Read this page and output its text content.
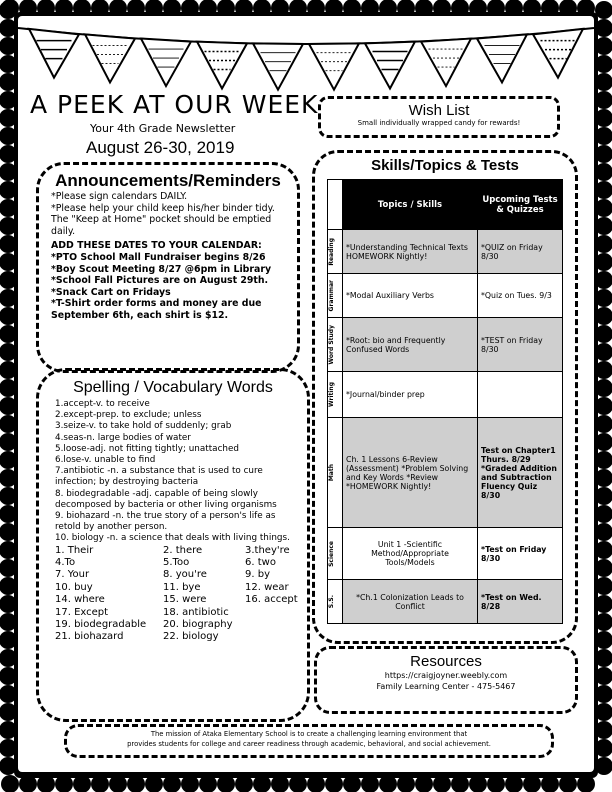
A PEEK AT OUR WEEK
Your 4th Grade Newsletter
August 26-30, 2019
Wish List

Small individually wrapped candy for rewards!

Announcements/Reminders
*Please sign calendars DAILY.
*Please help your child keep his/her binder tidy. The "Keep at Home" pocket should be emptied daily.
ADD THESE DATES TO YOUR CALENDAR:
*PTO School Mall Fundraiser begins 8/26
*Boy Scout Meeting 8/27 @6pm in Library
*School Fall Pictures are on August 29th.
*Snack Cart on Fridays
*T-Shirt order forms and money are due September 6th, each shirt is $12.
Spelling / Vocabulary Words
1.accept-v. to receive
2.except-prep. to exclude; unless
3.seize-v. to take hold of suddenly; grab
4.seas-n. large bodies of water
5.loose-adj. not fitting tightly; unattached
6.lose-v. unable to find
7.antibiotic -n. a substance that is used to cure infection; by destroying bacteria
8. biodegradable -adj. capable of being slowly decomposed by bacteria or other living organisms
9. biohazard -n. the true story of a person's life as retold by another person.
10. biology -n. a science that deals with living things.
1. Their	2. there	3.they're
4.To	5.Too	6. two
7. Your	8. you're	9. by
10. buy	11. bye	12. wear
14. where	15. were	16. accept
17. Except	18. antibiotic
19. biodegradable	20. biography
21. biohazard	22. biology
Skills/Topics & Tests
	Topics / Skills	Upcoming Tests & Quizzes

Reading	*Understanding Technical Texts HOMEWORK Nightly!	*QUIZ on Friday 8/30

Grammar	*Modal Auxiliary Verbs	*Quiz on Tues. 9/3

Word Study	*Root: bio and Frequently Confused Words	*TEST on Friday 8/30

Writing	*Journal/binder prep	

Math	Ch. 1 Lessons 6-Review (Assessment) *Problem Solving and Key Words *Review *HOMEWORK Nightly!	Test on Chapter1 Thurs. 8/29 *Graded Addition and Subtraction Fluency Quiz 8/30

Science	Unit 1 -Scientific Method/Appropriate Tools/Models	*Test on Friday 8/30

S.S.	*Ch.1 Colonization Leads to Conflict	*Test on Wed. 8/28
Resources

https://craigjoyner.weebly.com

Family Learning Center - 475-5467

The mission of Ataka Elementary School is to create a challenging learning environment that
provides students for college and career readiness through academic, behavioral, and social achievement.
